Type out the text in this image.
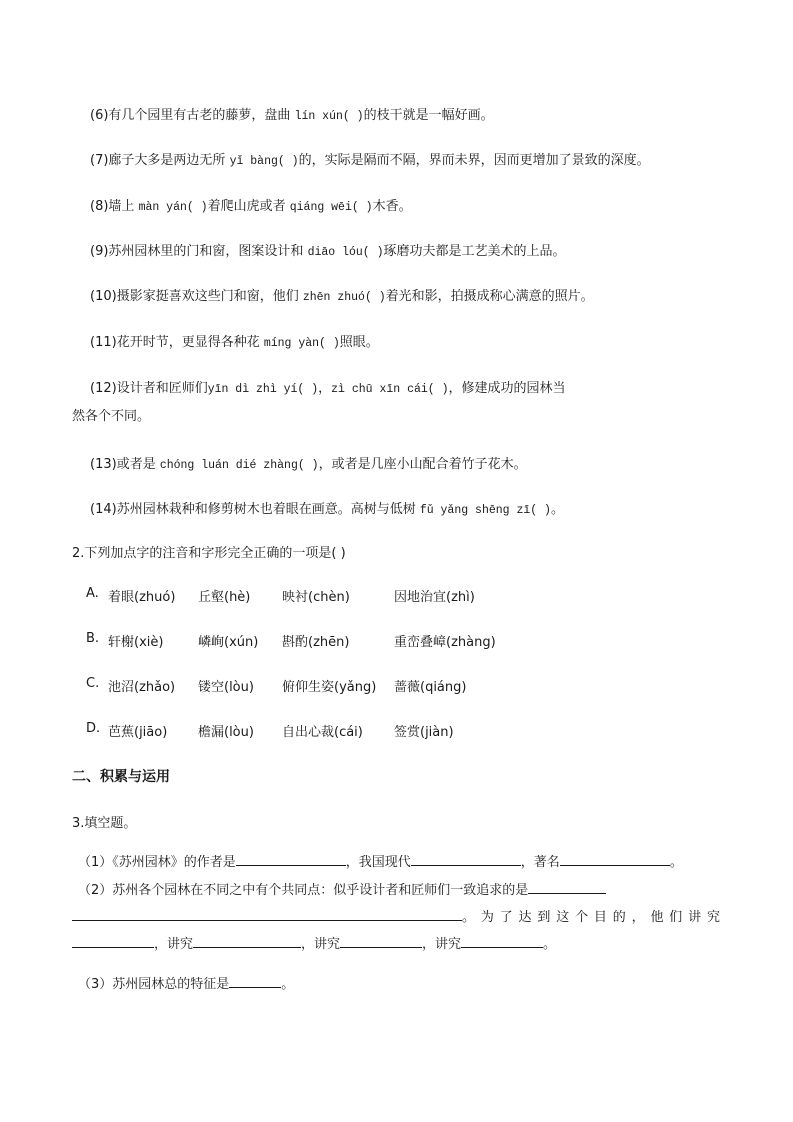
(6)有几个园里有古老的藤萝，盘曲 lín xún( )的枝干就是一幅好画。
(7)廊子大多是两边无所 yǐ bàng( )的，实际是隔而不隔，界而未界，因而更增加了景致的深度。
(8)墙上 màn yán( )着爬山虎或者 qiáng wēi( )木香。
(9)苏州园林里的门和窗，图案设计和 diāo lóu( )琢磨功夫都是工艺美术的上品。
(10)摄影家挺喜欢这些门和窗，他们 zhēn zhuó( )着光和影，拍摄成称心满意的照片。
(11)花开时节，更显得各种花 míng yàn( )照眼。
(12)设计者和匠师们yīn dì zhì yí( )，zì chū xīn cái( )，修建成功的园林当
然各个不同。
(13)或者是 chóng luán dié zhàng( )，或者是几座小山配合着竹子花木。
(14)苏州园林栽种和修剪树木也着眼在画意。高树与低树 fǔ yǎng shēng zī( )。
2.下列加点字的注音和字形完全正确的一项是( )
A. 着眼(zhuó) 丘壑(hè) 映衬(chèn)	因地治宜(zhì)
B. 轩榭(xiè)	嶙峋(xún) 斟酌(zhēn)	重峦叠嶂(zhàng)
C. 池沼(zhǎo) 镂空(lòu) 俯仰生姿(yǎng) 蔷薇(qiáng)
D. 芭蕉(jiāo) 檐漏(lòu) 自出心裁(cái) 签赏(jiàn)
二、积累与运用
3.填空题。
（1）《苏州园林》的作者是	，我国现代	，著名	。
（2）苏州各个园林在不同之中有个共同点：似乎设计者和匠师们一致追求的是
。为了达到这个目的，他们讲究
，讲究	，讲究	，讲究	。
（3）苏州园林总的特征是	。
